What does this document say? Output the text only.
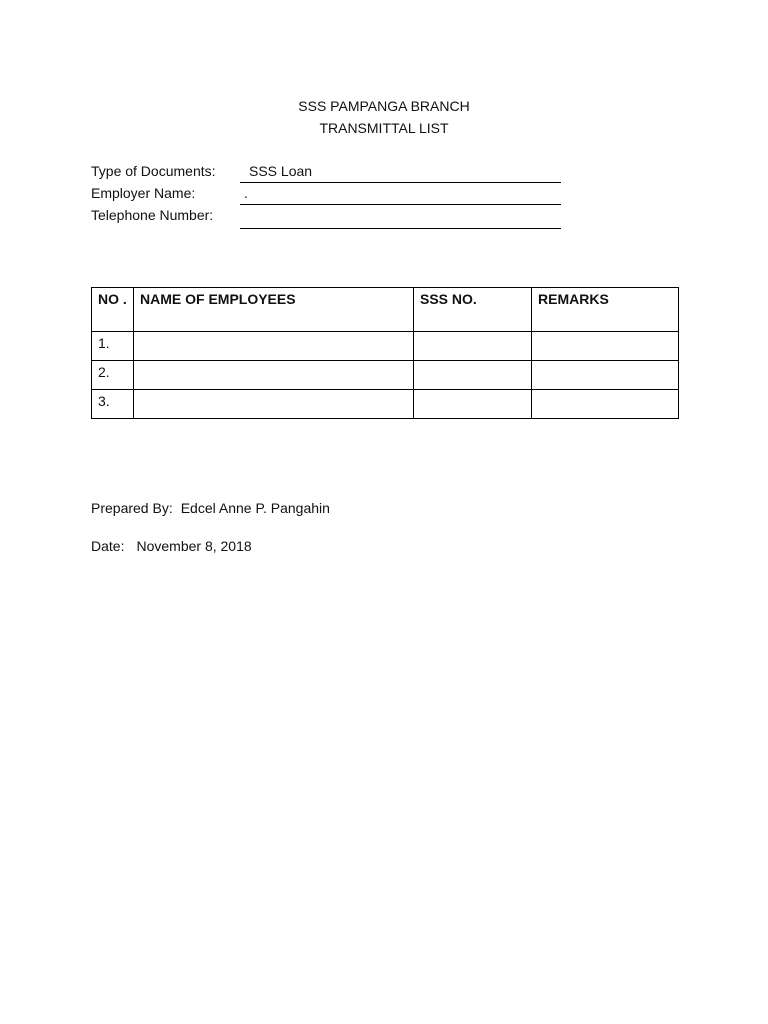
SSS PAMPANGA BRANCH
TRANSMITTAL LIST
Type of Documents: SSS Loan
Employer Name:	.
Telephone Number:
NO .	NAME OF EMPLOYEES	SSS NO.	REMARKS
1.			
2.			
3.			
Prepared By: Edcel Anne P. Pangahin
Date: November 8, 2018
